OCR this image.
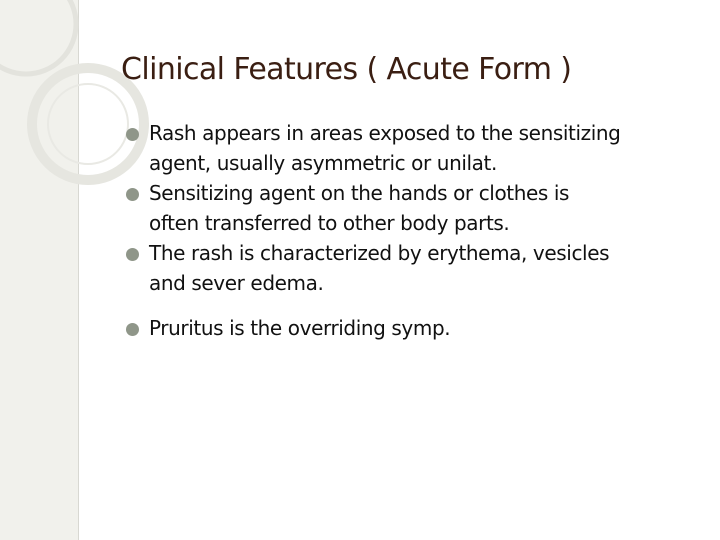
Clinical Features ( Acute Form )
Rash appears in areas exposed to the sensitizing
agent, usually asymmetric or unilat.
Sensitizing agent on the hands or clothes is
often transferred to other body parts.
The rash is characterized by erythema, vesicles
and sever edema.
Pruritus is the overriding symp.
